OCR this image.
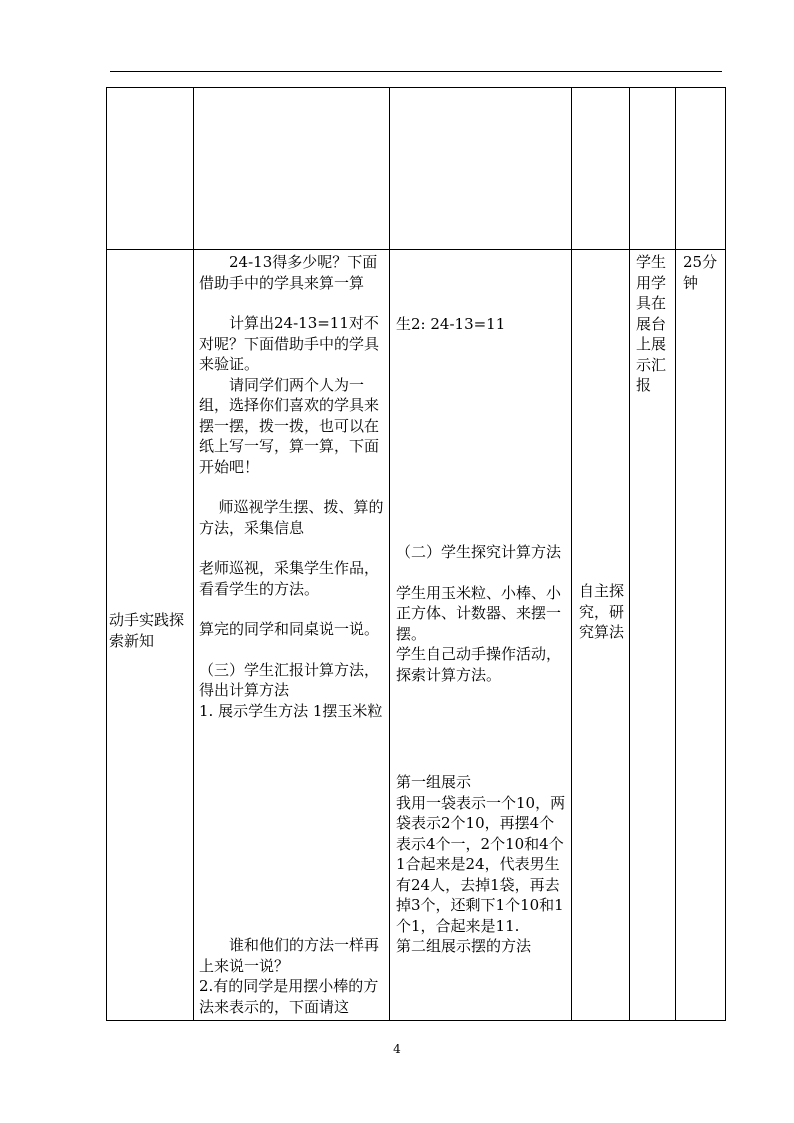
动手实践探索新知

24-13得多少呢？下面借助手中的学具来算一算

计算出24-13=11对不对呢？下面借助手中的学具来验证。

请同学们两个人为一组，选择你们喜欢的学具来摆一摆，拨一拨，也可以在纸上写一写，算一算，下面开始吧！

师巡视学生摆、拨、算的方法，采集信息

老师巡视，采集学生作品，看看学生的方法。

算完的同学和同桌说一说。

（三）学生汇报计算方法，得出计算方法

1. 展示学生方法 1摆玉米粒

谁和他们的方法一样再上来说一说？

2.有的同学是用摆小棒的方法来表示的，下面请这

生2: 24-13=11

（二）学生探究计算方法

学生用玉米粒、小棒、小正方体、计数器、来摆一摆。

学生自己动手操作活动，探索计算方法。

第一组展示

我用一袋表示一个10，两袋表示2个10，再摆4个表示4个一，2个10和4个1合起来是24，代表男生有24人，去掉1袋，再去掉3个，还剩下1个10和1个1，合起来是11.

第二组展示摆的方法

自主探究，研究算法

学生用学具在展台上展示汇报

25分钟

4
